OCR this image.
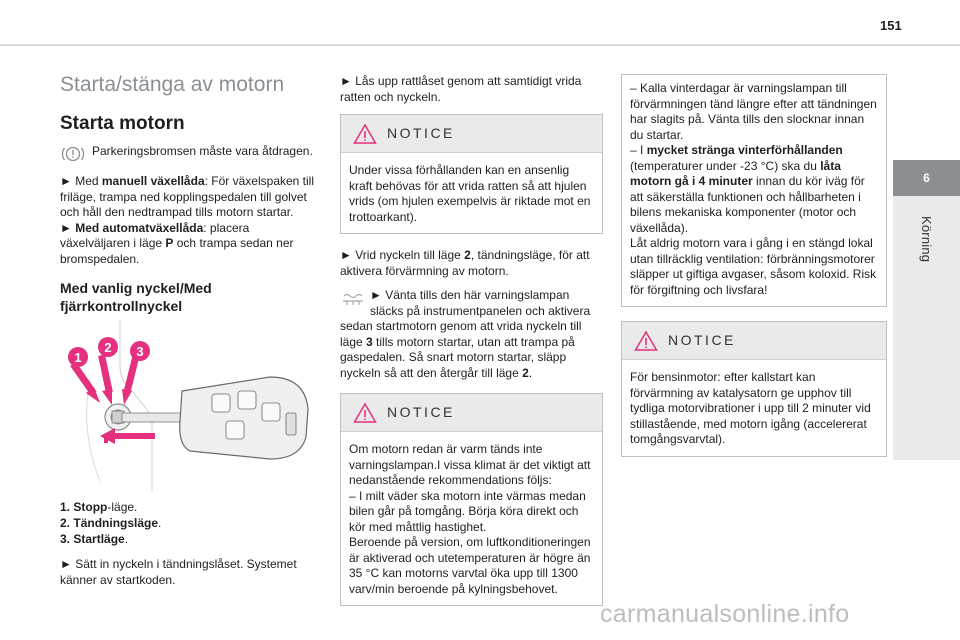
151
6
Körning
Starta/stänga av motorn
Starta motorn
Parkeringsbromsen måste vara åtdragen.

► Med manuell växellåda: För växelspaken till friläge, trampa ned kopplingspedalen till golvet och håll den nedtrampad tills motorn startar.
► Med automatväxellåda: placera växelväljaren i läge P och trampa sedan ner bromspedalen.

Med vanlig nyckel/Med fjärrkontrollnyckel
1
2 3
1. Stopp-läge.
2. Tändningsläge.
3. Startläge.

► Sätt in nyckeln i tändningslåset. Systemet känner av startkoden.

► Lås upp rattlåset genom att samtidigt vrida ratten och nyckeln.

NOTICE

Under vissa förhållanden kan en ansenlig kraft behövas för att vrida ratten så att hjulen vrids (om hjulen exempelvis är riktade mot en trottoarkant).

► Vrid nyckeln till läge 2, tändningsläge, för att aktivera förvärmning av motorn.

► Vänta tills den här varningslampan släcks på instrumentpanelen och aktivera sedan startmotorn genom att vrida nyckeln till läge 3 tills motorn startar, utan att trampa på gaspedalen. Så snart motorn startar, släpp nyckeln så att den återgår till läge 2.

NOTICE

Om motorn redan är varm tänds inte varningslampan.I vissa klimat är det viktigt att nedanstående rekommendations följs:

– I milt väder ska motorn inte värmas medan bilen går på tomgång. Börja köra direkt och kör med måttlig hastighet.

Beroende på version, om luftkonditioneringen är aktiverad och utetemperaturen är högre än 35 °C kan motorns varvtal öka upp till 1300 varv/min beroende på kylningsbehovet.

– Kalla vinterdagar är varningslampan till förvärmningen tänd längre efter att tändningen har slagits på. Vänta tills den slocknar innan du startar.
– I mycket stränga vinterförhållanden (temperaturer under -23 °C) ska du låta motorn gå i 4 minuter innan du kör iväg för att säkerställa funktionen och hållbarheten i bilens mekaniska komponenter (motor och växellåda).
Låt aldrig motorn vara i gång i en stängd lokal utan tillräcklig ventilation: förbränningsmotorer släpper ut giftiga avgaser, såsom koloxid. Risk för förgiftning och livsfara!
NOTICE

För bensinmotor: efter kallstart kan förvärmning av katalysatorn ge upphov till tydliga motorvibrationer i upp till 2 minuter vid stillastående, med motorn igång (accelererat tomgångsvarvtal).

carmanualsonline.info
